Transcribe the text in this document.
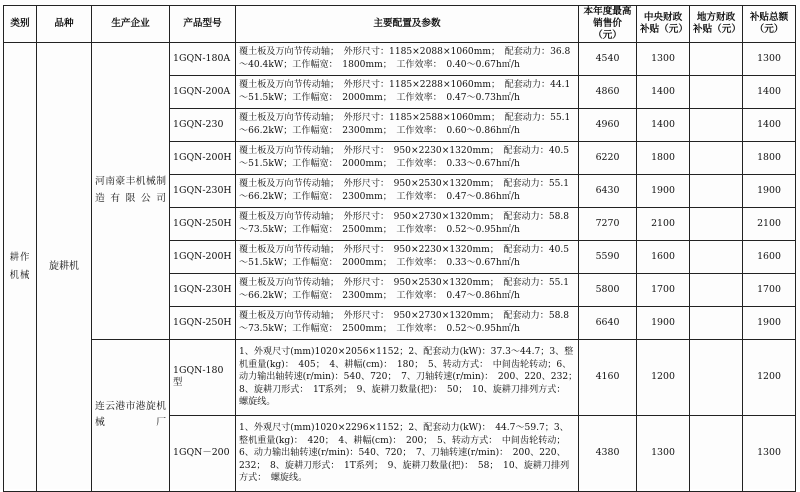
类别	品种	生产企业	产品型号	主要配置及参数	本年度最高销售价（元）	中央财政补贴（元）	地方财政补贴（元）	补贴总额（元）
耕作机械	旋耕机	河南豪丰机械制造有限公司	1GQN-180A	覆土板及万向节传动轴；　外形尺寸：1185×2088×1060mm；　配套动力：36.8～40.4kW；工作幅宽：　1800mm；　工作效率：　0.40～0.67h㎡/h	4540	1300		1300
			1GQN-200A	覆土板及万向节传动轴；　外形尺寸：1185×2288×1060mm；　配套动力：44.1～51.5kW；工作幅宽：　2000mm；　工作效率：　0.47～0.73h㎡/h	4860	1400		1400
			1GQN-230	覆土板及万向节传动轴；　外形尺寸：1185×2588×1060mm；　配套动力：55.1～66.2kW；工作幅宽：　2300mm；　工作效率：　0.60～0.86h㎡/h	4960	1400		1400
			1GQN-200H	覆土板及万向节传动轴；　外形尺寸：　950×2230×1320mm；　配套动力：40.5～51.5kW；工作幅宽：　2000mm；　工作效率：　0.33～0.67h㎡/h	6220	1800		1800
			1GQN-230H	覆土板及万向节传动轴；　外形尺寸：　950×2530×1320mm；　配套动力：55.1～66.2kW；工作幅宽：　2300mm；　工作效率：　0.47～0.86h㎡/h	6430	1900		1900
			1GQN-250H	覆土板及万向节传动轴；　外形尺寸：　950×2730×1320mm；　配套动力：58.8～73.5kW；工作幅宽：　2500mm；　工作效率：　0.52～0.95h㎡/h	7270	2100		2100
			1GQN-200H	覆土板及万向节传动轴；　外形尺寸：　950×2230×1320mm；　配套动力：40.5～51.5kW；工作幅宽：　2000mm；　工作效率：　0.33～0.67h㎡/h	5590	1600		1600
			1GQN-230H	覆土板及万向节传动轴；　外形尺寸：　950×2530×1320mm；　配套动力：55.1～66.2kW；工作幅宽：　2300mm；　工作效率：　0.47～0.86h㎡/h	5800	1700		1700
			1GQN-250H	覆土板及万向节传动轴；　外形尺寸：　950×2730×1320mm；　配套动力：58.8～73.5kW；工作幅宽：　2500mm；　工作效率：　0.52～0.95h㎡/h	6640	1900		1900
		连云港市港旋机械厂	1GQN-180型	1、外观尺寸(mm)1020×2056×1152；2、配套动力(kW)：37.3～44.7；3、整机重量(kg)：　405；　4、耕幅(cm)：　180；　5、转动方式：　中间齿轮转动；6、动力输出轴转速(r/min)：540、720；　7、刀轴转速(r/min)：　200、220、232；　8、旋耕刀形式：　1T系列；　9、旋耕刀数量(把)：　50；　10、旋耕刀排列方式：　螺旋线。	4160	1200		1200
			1GQN－200	1、外观尺寸(mm)1020×2296×1152；2、配套动力(kW)：　44.7～59.7；3、整机重量(kg)：　420；　4、耕幅(cm)：　200；　5、转动方式：　中间齿轮转动；6、动力输出轴转速(r/min)：540、720；　7、刀轴转速(r/min)：　200、220、232；　8、旋耕刀形式：　1T系列；　9、旋耕刀数量(把)：　58；　10、旋耕刀排列方式：　螺旋线。	4380	1300		1300
